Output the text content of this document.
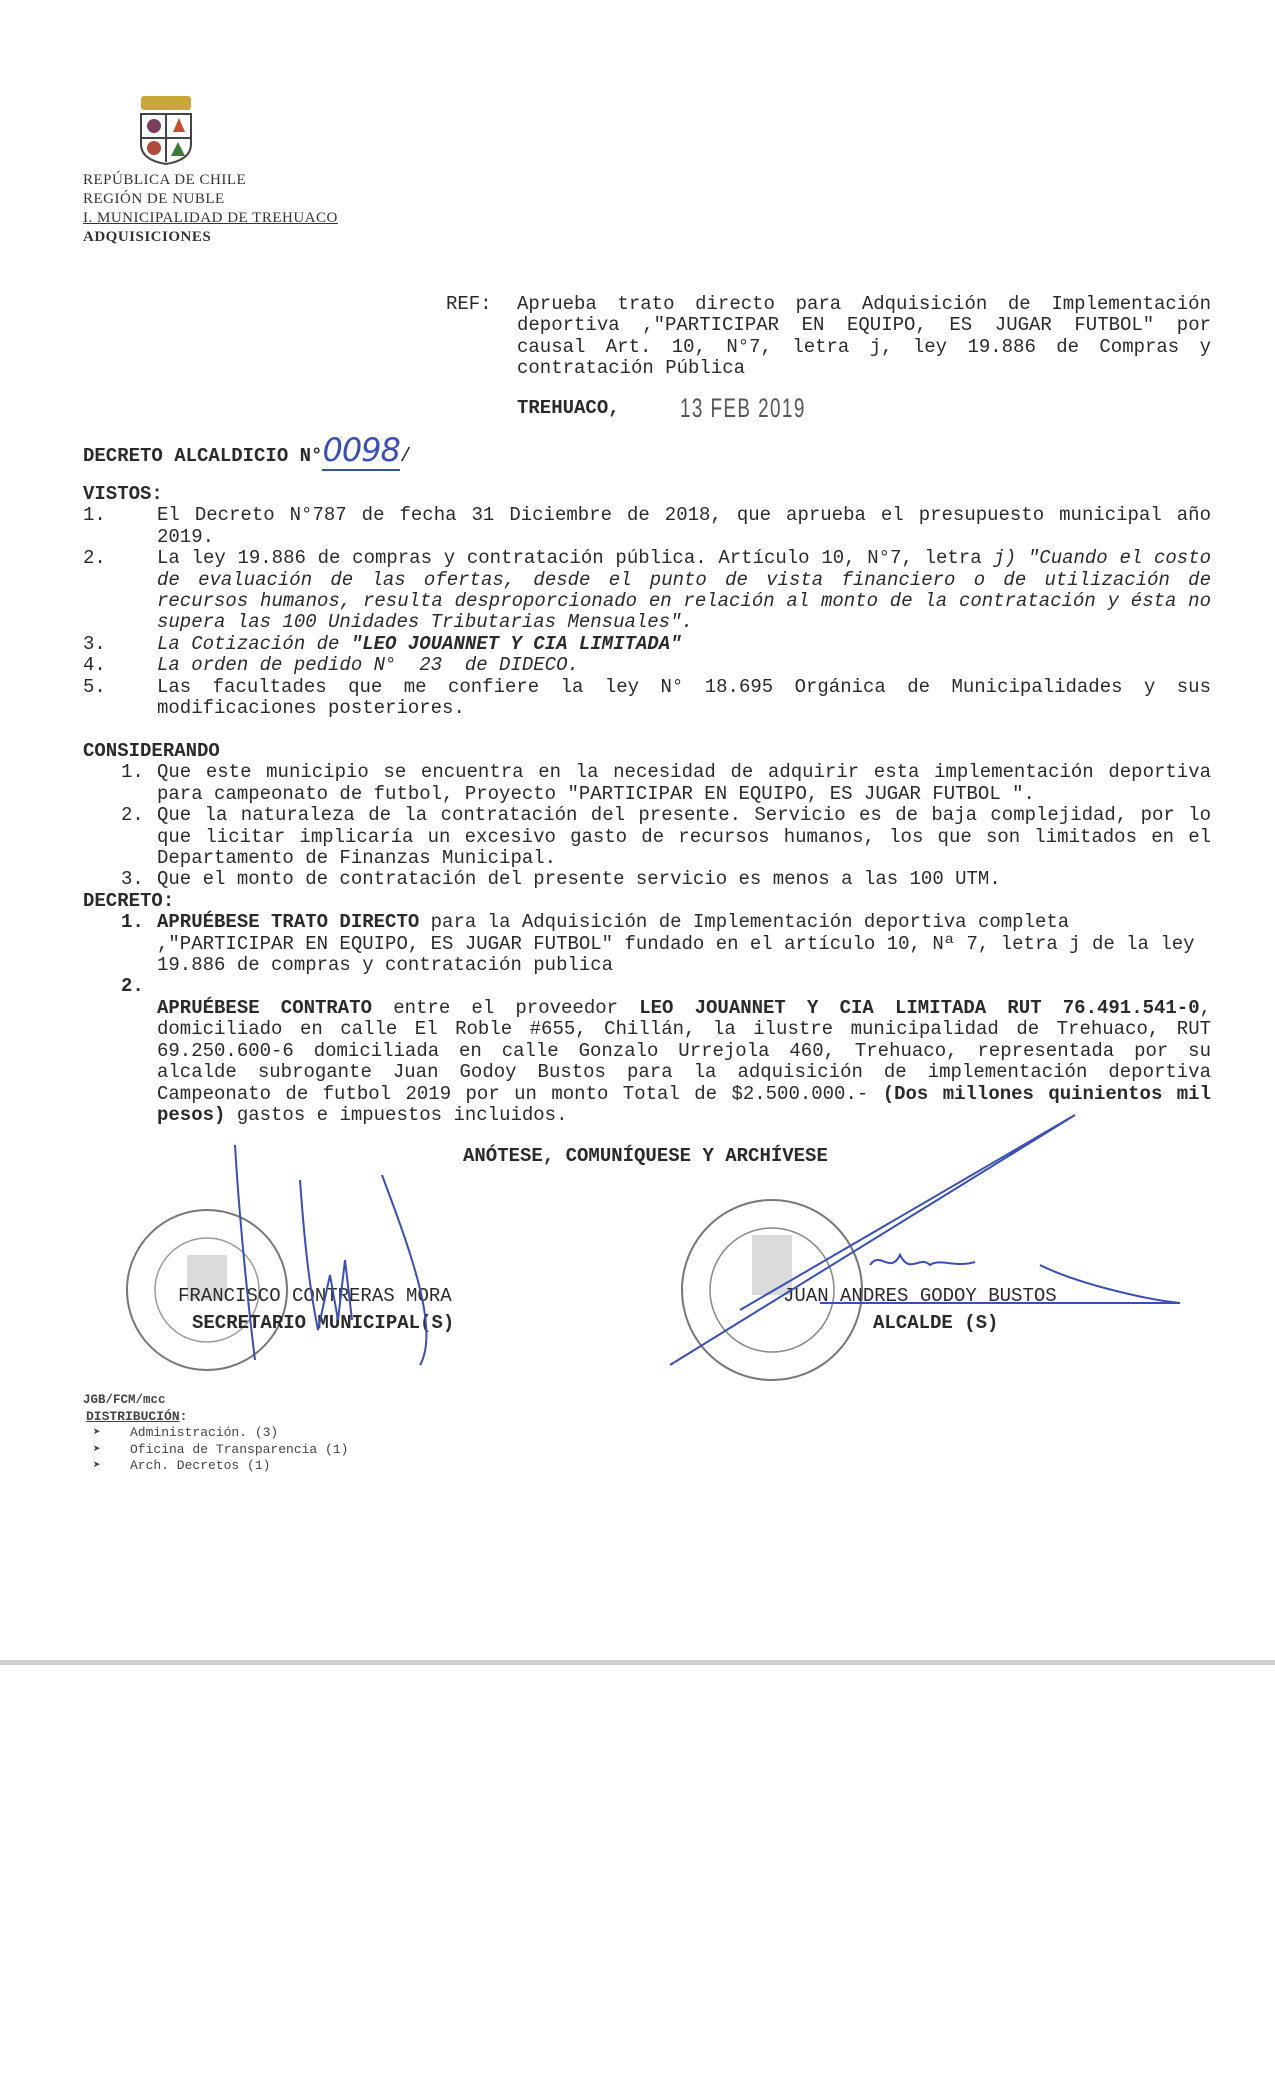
REPÚBLICA DE CHILE
REGIÓN DE NUBLE
I. MUNICIPALIDAD DE TREHUACO
ADQUISICIONES
REF: Aprueba trato directo para Adquisición de Implementación deportiva ,"PARTICIPAR EN EQUIPO, ES JUGAR FUTBOL" por causal Art. 10, N°7, letra j, ley 19.886 de Compras y contratación Pública
TREHUACO, 13 FEB 2019
DECRETO ALCALDICIO N°0098/
VISTOS:
1.	El Decreto N°787 de fecha 31 Diciembre de 2018, que aprueba el presupuesto municipal año 2019.
2.	La ley 19.886 de compras y contratación pública. Artículo 10, N°7, letra j) "Cuando el costo de evaluación de las ofertas, desde el punto de vista financiero o de utilización de recursos humanos, resulta desproporcionado en relación al monto de la contratación y ésta no supera las 100 Unidades Tributarias Mensuales".
3.	La Cotización de "LEO JOUANNET Y CIA LIMITADA"
4.	La orden de pedido N°  23  de DIDECO.
5.	Las facultades que me confiere la ley N° 18.695 Orgánica de Municipalidades y sus modificaciones posteriores.
CONSIDERANDO
1. Que este municipio se encuentra en la necesidad de adquirir esta implementación deportiva para campeonato de futbol, Proyecto "PARTICIPAR EN EQUIPO, ES JUGAR FUTBOL ".
2. Que la naturaleza de la contratación del presente. Servicio es de baja complejidad, por lo que licitar implicaría un excesivo gasto de recursos humanos, los que son limitados en el Departamento de Finanzas Municipal.
3. Que el monto de contratación del presente servicio es menos a las 100 UTM.
DECRETO:
1. APRUÉBESE TRATO DIRECTO para la Adquisición de Implementación deportiva completa ,"PARTICIPAR EN EQUIPO, ES JUGAR FUTBOL" fundado en el artículo 10, Nª 7, letra j de la ley 19.886 de compras y contratación publica
2.

APRUÉBESE CONTRATO entre el proveedor LEO JOUANNET Y CIA LIMITADA RUT 76.491.541-0, domiciliado en calle El Roble #655, Chillán, la ilustre municipalidad de Trehuaco, RUT 69.250.600-6 domiciliada en calle Gonzalo Urrejola 460, Trehuaco, representada por su alcalde subrogante Juan Godoy Bustos para la adquisición de implementación deportiva Campeonato de futbol 2019 por un monto Total de $2.500.000.- (Dos millones quinientos mil pesos) gastos e impuestos incluidos.
ANÓTESE, COMUNÍQUESE Y ARCHÍVESE
FRANCISCO CONTRERAS MORA
SECRETARIO MUNICIPAL(S)
JUAN ANDRES GODOY BUSTOS
ALCALDE (S)
JGB/FCM/mcc
DISTRIBUCIÓN:
➤ Administración. (3)
➤ Oficina de Transparencia (1)
➤ Arch. Decretos (1)
